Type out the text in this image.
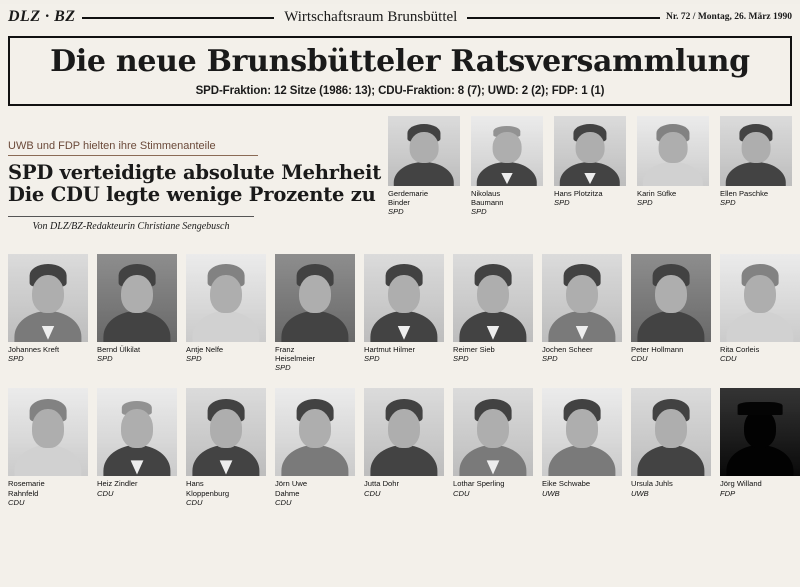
DLZ · BZ	Wirtschaftsraum Brunsbüttel	Nr. 72 / Montag, 26. März 1990
Die neue Brunsbütteler Ratsversammlung
SPD-Fraktion: 12 Sitze (1986: 13); CDU-Fraktion: 8 (7); UWD: 2 (2); FDP: 1 (1)
UWB und FDP hielten ihre Stimmenanteile
SPD verteidigte absolute Mehrheit
Die CDU legte wenige Prozente zu
Von DLZ/BZ-Redakteurin Christiane Sengebusch
Gerdemarie
Binder
SPD
Nikolaus
Baumann
SPD
Hans Plotzitza
SPD
Karin Süfke
SPD
Ellen Paschke
SPD
Johannes Kreft
SPD
Bernd Ülkilat
SPD
Antje Nelfe
SPD
Franz
Heiselmeier
SPD
Hartmut Hilmer
SPD
Reimer Sieb
SPD
Jochen Scheer
SPD
Peter Hollmann
CDU
Rita Corleis
CDU
Rosemarie
Rahnfeld
CDU
Heiz Zindler
CDU
Hans
Kloppenburg
CDU
Jörn Uwe
Dahme
CDU
Jutta Dohr
CDU
Lothar Sperling
CDU
Eike Schwabe
UWB
Ursula Juhls
UWB
Jörg Willand
FDP
